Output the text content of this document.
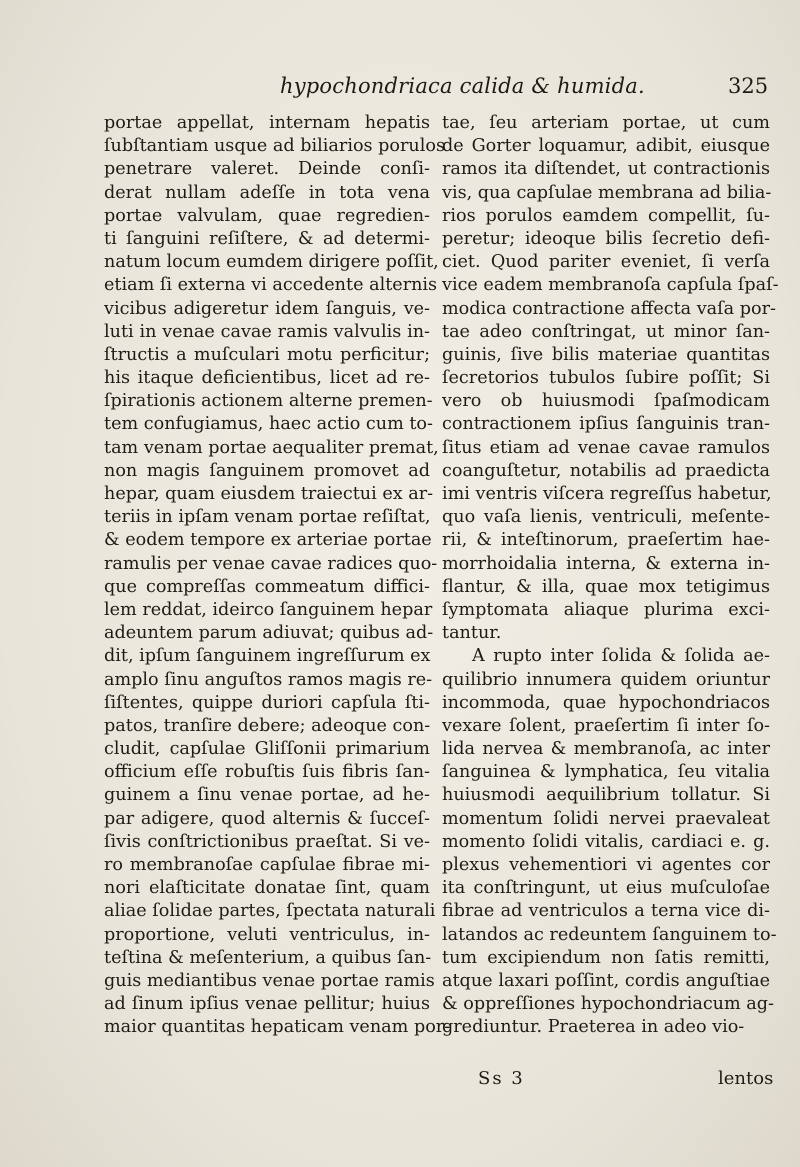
hypochondriaca calida & humida.	325
portae appellat, internam hepatis
ſubſtantiam usque ad biliarios porulos
penetrare valeret. Deinde conſi-
derat nullam adeſſe in tota vena
portae valvulam, quae regredien-
ti ſanguini reſiſtere, & ad determi-
natum locum eumdem dirigere poſſit,
etiam ſi externa vi accedente alternis
vicibus adigeretur idem ſanguis, ve-
luti in venae cavae ramis valvulis in-
ſtructis a muſculari motu perficitur;
his itaque deficientibus, licet ad re-
ſpirationis actionem alterne premen-
tem confugiamus, haec actio cum to-
tam venam portae aequaliter premat,
non magis ſanguinem promovet ad
hepar, quam eiusdem traiectui ex ar-
teriis in ipſam venam portae reſiſtat,
& eodem tempore ex arteriae portae
ramulis per venae cavae radices quo-
que compreſſas commeatum diffici-
lem reddat, ideirco ſanguinem hepar
adeuntem parum adiuvat; quibus ad-
dit, ipſum ſanguinem ingreſſurum ex
amplo ſinu anguſtos ramos magis re-
ſiſtentes, quippe duriori capſula ſti-
patos, tranſire debere; adeoque con-
cludit, capſulae Gliſſonii primarium
officium eſſe robuſtis ſuis fibris ſan-
guinem a ſinu venae portae, ad he-
par adigere, quod alternis & ſucceſ-
ſivis conſtrictionibus praeſtat. Si ve-
ro membranoſae capſulae fibrae mi-
nori elaſticitate donatae ſint, quam
aliae ſolidae partes, ſpectata naturali
proportione, veluti ventriculus, in-
teſtina & meſenterium, a quibus ſan-
guis mediantibus venae portae ramis
ad ſinum ipſius venae pellitur; huius
maior quantitas hepaticam venam por-
tae, ſeu arteriam portae, ut cum
de Gorter loquamur, adibit, eiusque
ramos ita diſtendet, ut contractionis
vis, qua capſulae membrana ad bilia-
rios porulos eamdem compellit, ſu-
peretur; ideoque bilis ſecretio defi-
ciet. Quod pariter eveniet, ſi verſa
vice eadem membranoſa capſula ſpaſ-
modica contractione affecta vaſa por-
tae adeo conſtringat, ut minor ſan-
guinis, ſive bilis materiae quantitas
ſecretorios tubulos ſubire poſſit; Si
vero ob huiusmodi ſpaſmodicam
contractionem ipſius ſanguinis tran-
ſitus etiam ad venae cavae ramulos
coanguſtetur, notabilis ad praedicta
imi ventris viſcera regreſſus habetur,
quo vaſa lienis, ventriculi, meſente-
rii, & inteſtinorum, praeſertim hae-
morrhoidalia interna, & externa in-
flantur, & illa, quae mox tetigimus
ſymptomata aliaque plurima exci-
tantur.
A rupto inter ſolida & ſolida ae-
quilibrio innumera quidem oriuntur
incommoda, quae hypochondriacos
vexare ſolent, praeſertim ſi inter ſo-
lida nervea & membranoſa, ac inter
ſanguinea & lymphatica, ſeu vitalia
huiusmodi aequilibrium tollatur. Si
momentum ſolidi nervei praevaleat
momento ſolidi vitalis, cardiaci e. g.
plexus vehementiori vi agentes cor
ita conſtringunt, ut eius muſculoſae
fibrae ad ventriculos a terna vice di-
latandos ac redeuntem ſanguinem to-
tum excipiendum non ſatis remitti,
atque laxari poſſint, cordis anguſtiae
& oppreſſiones hypochondriacum ag-
grediuntur. Praeterea in adeo vio-
Ss 3	lentos
